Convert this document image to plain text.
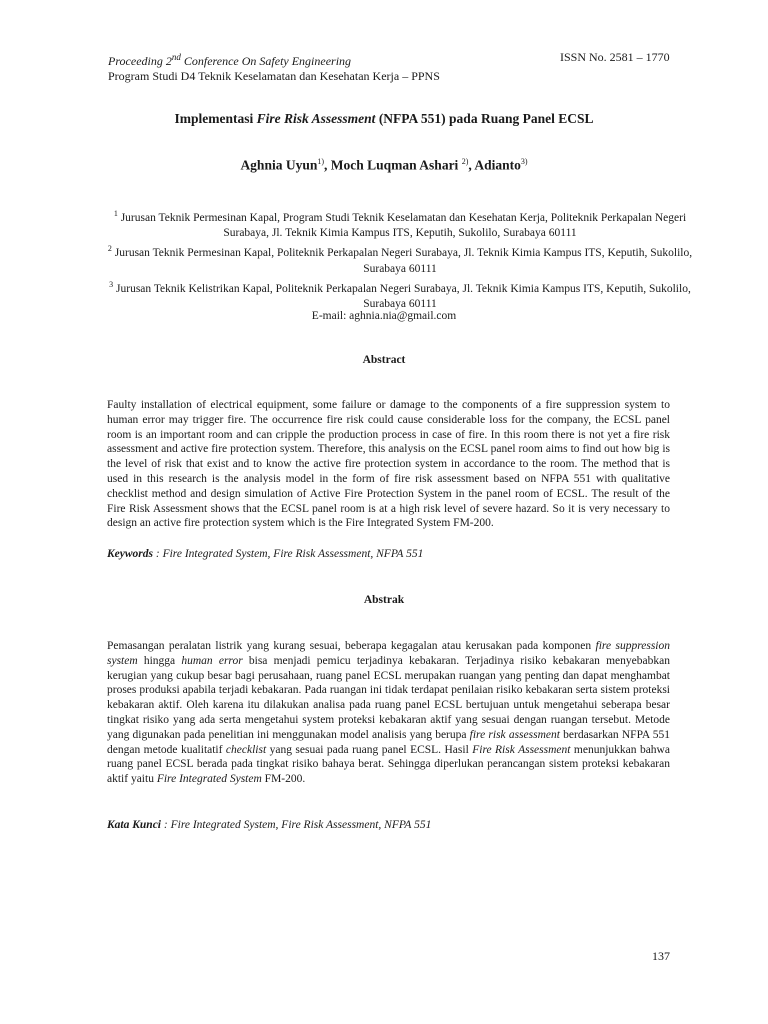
Proceeding 2nd Conference On Safety Engineering
Program Studi D4 Teknik Keselamatan dan Kesehatan Kerja – PPNS
ISSN No. 2581 – 1770
Implementasi Fire Risk Assessment (NFPA 551) pada Ruang Panel ECSL
Aghnia Uyun$^{1)}$, Moch Luqman Ashari $^{2)}$, Adianto$^{3)}$
$^1$ Jurusan Teknik Permesinan Kapal, Program Studi Teknik Keselamatan dan Kesehatan Kerja, Politeknik Perkapalan Negeri Surabaya, Jl. Teknik Kimia Kampus ITS, Keputih, Sukolilo, Surabaya 60111
$^2$ Jurusan Teknik Permesinan Kapal, Politeknik Perkapalan Negeri Surabaya, Jl. Teknik Kimia Kampus ITS, Keputih, Sukolilo, Surabaya 60111
$^3$ Jurusan Teknik Kelistrikan Kapal, Politeknik Perkapalan Negeri Surabaya, Jl. Teknik Kimia Kampus ITS, Keputih, Sukolilo, Surabaya 60111
E-mail: aghnia.nia@gmail.com
Abstract
Faulty installation of electrical equipment, some failure or damage to the components of a fire suppression system to human error may trigger fire. The occurrence fire risk could cause considerable loss for the company, the ECSL panel room is an important room and can cripple the production process in case of fire. In this room there is not yet a fire risk assessment and active fire protection system. Therefore, this analysis on the ECSL panel room aims to find out how big is the level of risk that exist and to know the active fire protection system in accordance to the room. The method that is used in this research is the analysis model in the form of fire risk assessment based on NFPA 551 with qualitative checklist method and design simulation of Active Fire Protection System in the panel room of ECSL. The result of the Fire Risk Assessment shows that the ECSL panel room is at a high risk level of severe hazard. So it is very necessary to design an active fire protection system which is the Fire Integrated System FM-200.
Keywords : Fire Integrated System, Fire Risk Assessment, NFPA 551
Abstrak
Pemasangan peralatan listrik yang kurang sesuai, beberapa kegagalan atau kerusakan pada komponen fire suppression system hingga human error bisa menjadi pemicu terjadinya kebakaran. Terjadinya risiko kebakaran menyebabkan kerugian yang cukup besar bagi perusahaan, ruang panel ECSL merupakan ruangan yang penting dan dapat menghambat proses produksi apabila terjadi kebakaran. Pada ruangan ini tidak terdapat penilaian risiko kebakaran serta sistem proteksi kebakaran aktif. Oleh karena itu dilakukan analisa pada ruang panel ECSL bertujuan untuk mengetahui seberapa besar tingkat risiko yang ada serta mengetahui system proteksi kebakaran aktif yang sesuai dengan ruangan tersebut. Metode yang digunakan pada penelitian ini menggunakan model analisis yang berupa fire risk assessment berdasarkan NFPA 551 dengan metode kualitatif checklist yang sesuai pada ruang panel ECSL. Hasil Fire Risk Assessment menunjukkan bahwa ruang panel ECSL berada pada tingkat risiko bahaya berat. Sehingga diperlukan perancangan sistem proteksi kebakaran aktif yaitu Fire Integrated System FM-200.
Kata Kunci : Fire Integrated System, Fire Risk Assessment, NFPA 551
137
